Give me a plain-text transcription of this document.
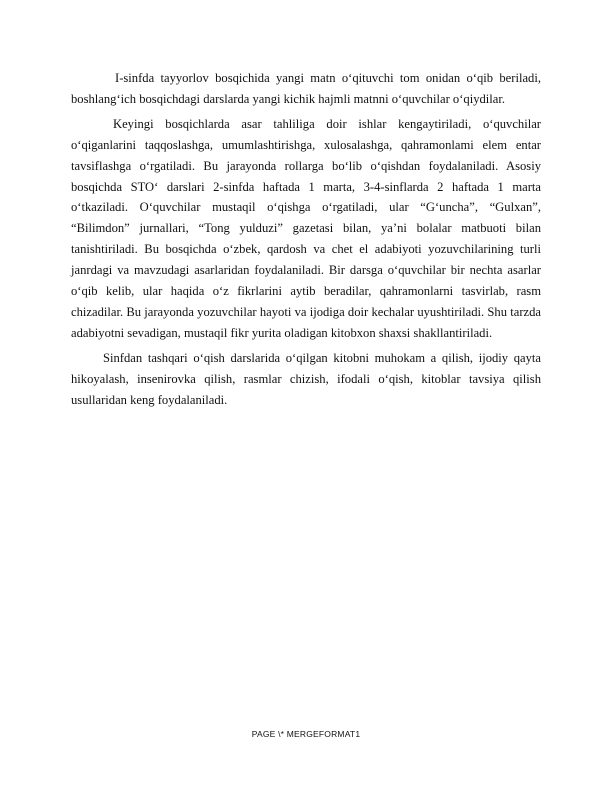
I-sinfda tayyorlov bosqichida yangi matn o‘qituvchi tom onidan o‘qib beriladi, boshlang‘ich bosqichdagi darslarda yangi kichik hajmli matnni o‘quvchilar o‘qiydilar.

Keyingi bosqichlarda asar tahliliga doir ishlar kengaytiriladi, o‘quvchilar o‘qiganlarini taqqoslashga, umumlashtirishga, xulosalashga, qahramonlami elem entar tavsiflashga o‘rgatiladi. Bu jarayonda rollarga bo‘lib o‘qishdan foydalaniladi. Asosiy bosqichda STO‘ darslari 2-sinfda haftada 1 marta, 3-4-sinflarda 2 haftada 1 marta o‘tkaziladi. O‘quvchilar mustaqil o‘qishga o‘rgatiladi, ular “G‘uncha”, “Gulxan”, “Bilimdon” jurnallari, “Tong yulduzi” gazetasi bilan, ya’ni bolalar matbuoti bilan tanishtiriladi. Bu bosqichda o‘zbek, qardosh va chet el adabiyoti yozuvchilarining turli janrdagi va mavzudagi asarlaridan foydalaniladi. Bir darsga o‘quvchilar bir nechta asarlar o‘qib kelib, ular haqida o‘z fikrlarini aytib beradilar, qahramonlarni tasvirlab, rasm chizadilar. Bu jarayonda yozuvchilar hayoti va ijodiga doir kechalar uyushtiriladi. Shu tarzda adabiyotni sevadigan, mustaqil fikr yurita oladigan kitobxon shaxsi shakllantiriladi.

Sinfdan tashqari o‘qish darslarida o‘qilgan kitobni muhokam a qilish, ijodiy qayta hikoyalash, insenirovka qilish, rasmlar chizish, ifodali o‘qish, kitoblar tavsiya qilish usullaridan keng foydalaniladi.

PAGE \* MERGEFORMAT1
